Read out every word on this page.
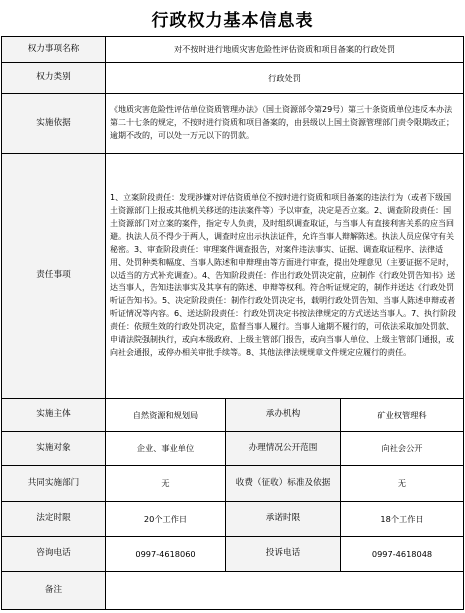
行政权力基本信息表
权力事项名称	对不按时进行地质灾害危险性评估资质和项目备案的行政处罚		
权力类别	行政处罚		
实施依据	《地质灾害危险性评估单位资质管理办法》（国土资源部令第29号）第三十条资质单位违反本办法第二十七条的规定，不按时进行资质和项目备案的，由县级以上国土资源管理部门责令限期改正；逾期不改的，可以处一万元以下的罚款。		
责任事项	1、立案阶段责任：发现涉嫌对评估资质单位不按时进行资质和项目备案的违法行为（或者下级国土资源部门上报或其他机关移送的违法案件等）予以审查，决定是否立案。2、调查阶段责任：国土资源部门对立案的案件，指定专人负责，及时组织调查取证，与当事人有直接利害关系的应当回避。执法人员不得少于两人，调查时应出示执法证件，允许当事人辩解陈述。执法人员应保守有关秘密。3、审查阶段责任：审理案件调查报告，对案件违法事实、证据、调查取证程序、法律适用、处罚种类和幅度、当事人陈述和申辩理由等方面进行审查，提出处理意见（主要证据不足时，以适当的方式补充调查）。4、告知阶段责任：作出行政处罚决定前，应制作《行政处罚告知书》送达当事人，告知违法事实及其享有的陈述、申辩等权利。符合听证规定的，制作并送达《行政处罚听证告知书》。5、决定阶段责任：制作行政处罚决定书，载明行政处罚告知、当事人陈述申辩或者听证情况等内容。6、送达阶段责任：行政处罚决定书按法律规定的方式送达当事人。7、执行阶段责任：依照生效的行政处罚决定，监督当事人履行。当事人逾期不履行的，可依法采取加处罚款、申请法院强制执行，或向本级政府、上级主管部门报告，或向当事人单位、上级主管部门通报，或向社会通报，或停办相关审批手续等。8、其他法律法规规章文件规定应履行的责任。		
实施主体	自然资源和规划局	承办机构	矿业权管理科
实施对象	企业、事业单位	办理情况公开范围	向社会公开
共同实施部门	无	收费（征收）标准及依据	无
法定时限	20个工作日	承诺时限	18个工作日
咨询电话	0997-4618060	投诉电话	0997-4618048
备注			
